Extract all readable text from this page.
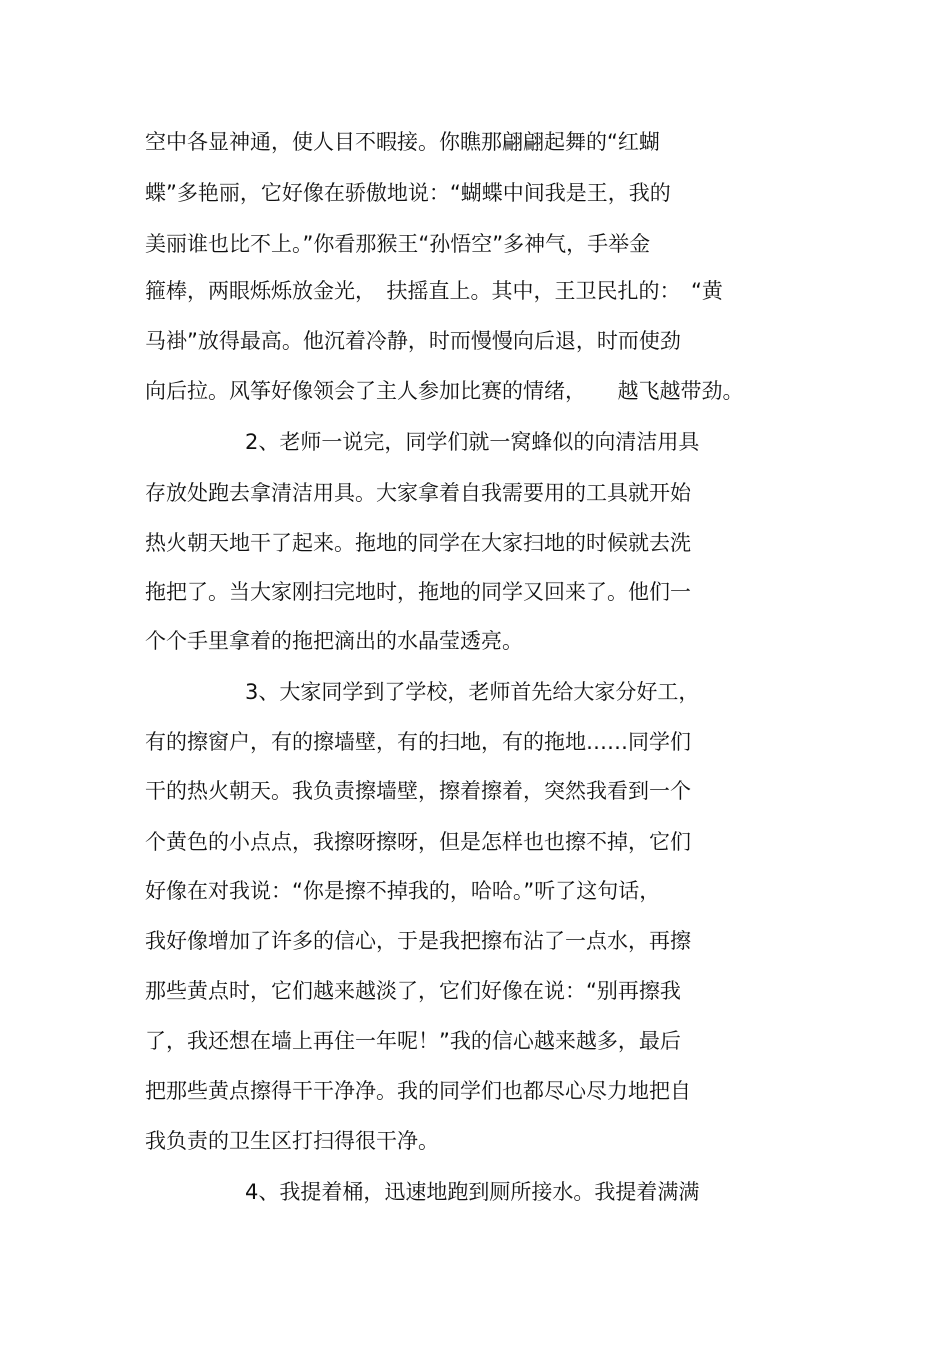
空中各显神通，使人目不暇接。你瞧那翩翩起舞的“红蝴

蝶”多艳丽，它好像在骄傲地说：“蝴蝶中间我是王，我的

美丽谁也比不上。”你看那猴王“孙悟空”多神气，手举金

箍棒，两眼烁烁放金光，　扶摇直上。其中，王卫民扎的：　“黄

马褂”放得最高。他沉着冷静，时而慢慢向后退，时而使劲

向后拉。风筝好像领会了主人参加比赛的情绪，　　越飞越带劲。

2、老师一说完，同学们就一窝蜂似的向清洁用具

存放处跑去拿清洁用具。大家拿着自我需要用的工具就开始

热火朝天地干了起来。拖地的同学在大家扫地的时候就去洗

拖把了。当大家刚扫完地时，拖地的同学又回来了。他们一

个个手里拿着的拖把滴出的水晶莹透亮。

3、大家同学到了学校，老师首先给大家分好工，

有的擦窗户，有的擦墙壁，有的扫地，有的拖地……同学们

干的热火朝天。我负责擦墙壁，擦着擦着，突然我看到一个

个黄色的小点点，我擦呀擦呀，但是怎样也也擦不掉，它们

好像在对我说：“你是擦不掉我的，哈哈。”听了这句话，

我好像增加了许多的信心，于是我把擦布沾了一点水，再擦

那些黄点时，它们越来越淡了，它们好像在说：“别再擦我

了，我还想在墙上再住一年呢！”我的信心越来越多，最后

把那些黄点擦得干干净净。我的同学们也都尽心尽力地把自

我负责的卫生区打扫得很干净。

4、我提着桶，迅速地跑到厕所接水。我提着满满
